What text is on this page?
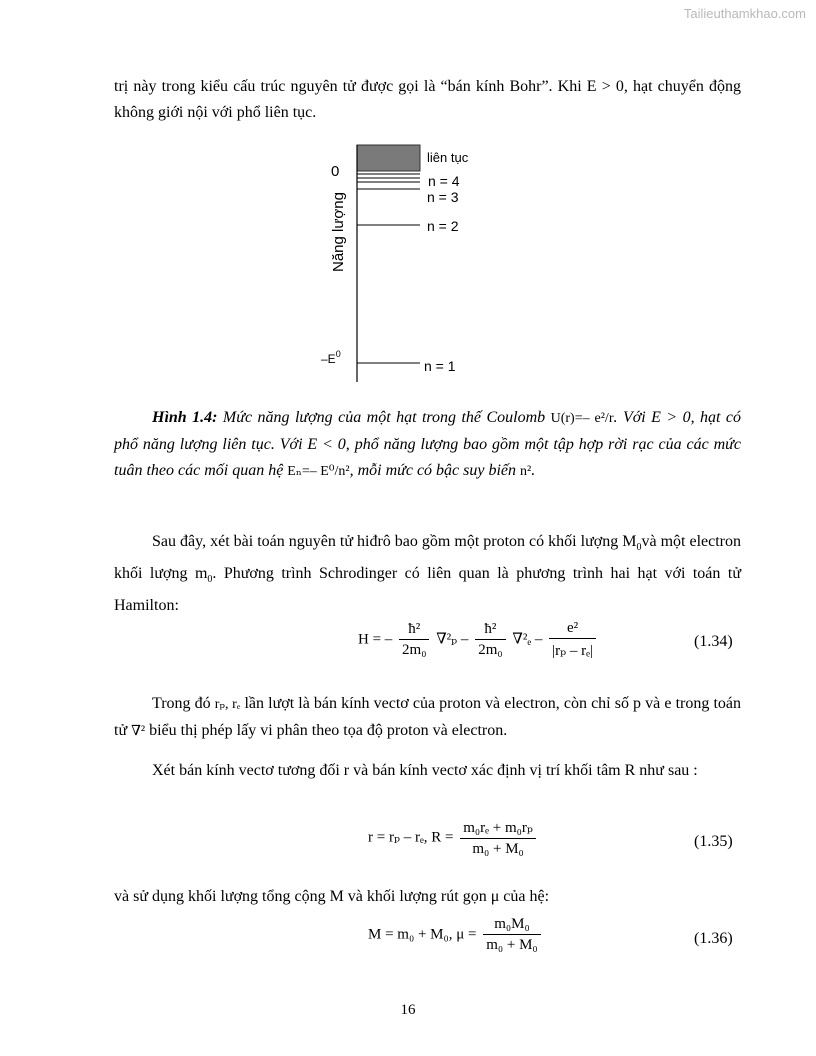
Tailieuthamkhao.com
trị này trong kiểu cấu trúc nguyên tử được gọi là “bán kính Bohr”. Khi E > 0, hạt chuyển động không giới nội với phổ liên tục.
0
Năng lượng
$-E^0$
liên tục
n = 4
n = 3
n = 2
n = 1
Hình 1.4: Mức năng lượng của một hạt trong thế Coulomb U(r)=– e²/r. Với E > 0, hạt có phổ năng lượng liên tục. Với E < 0, phổ năng lượng bao gồm một tập hợp rời rạc của các mức tuân theo các mối quan hệ Eₙ=– E⁰/n², mỗi mức có bậc suy biến n².
Sau đây, xét bài toán nguyên tử hiđrô bao gồm một proton có khối lượng $M_0và$ một electron khối lượng $m_0$. Phương trình Schrodinger có liên quan là phương trình hai hạt với toán tử Hamilton:
H = – $\frac{\text{ħ²}}{\text{2m₀}} \nabla^2_p - \frac{\text{ħ²}}{\text{2m₀}} \nabla^2_e - \frac{\text{e²}}{\text{|rₚ – rₑ|}}$	(1.34)
Trong đó rₚ, rₑ lần lượt là bán kính vectơ của proton và electron, còn chỉ số p và e trong toán tử ∇² biểu thị phép lấy vi phân theo tọa độ proton và electron.
Xét bán kính vectơ tương đối r và bán kính vectơ xác định vị trí khối tâm R như sau :
r = rₚ – rₑ, $R = \frac{\text{m₀rₑ + m₀rₚ}}{\text{m₀ + M₀}}$	(1.35)
và sử dụng khối lượng tổng cộng M và khối lượng rút gọn μ của hệ:
M = m₀ + M₀, $\mu = \frac{\text{m₀M₀}}{\text{m₀ + M₀}}$	(1.36)
16
